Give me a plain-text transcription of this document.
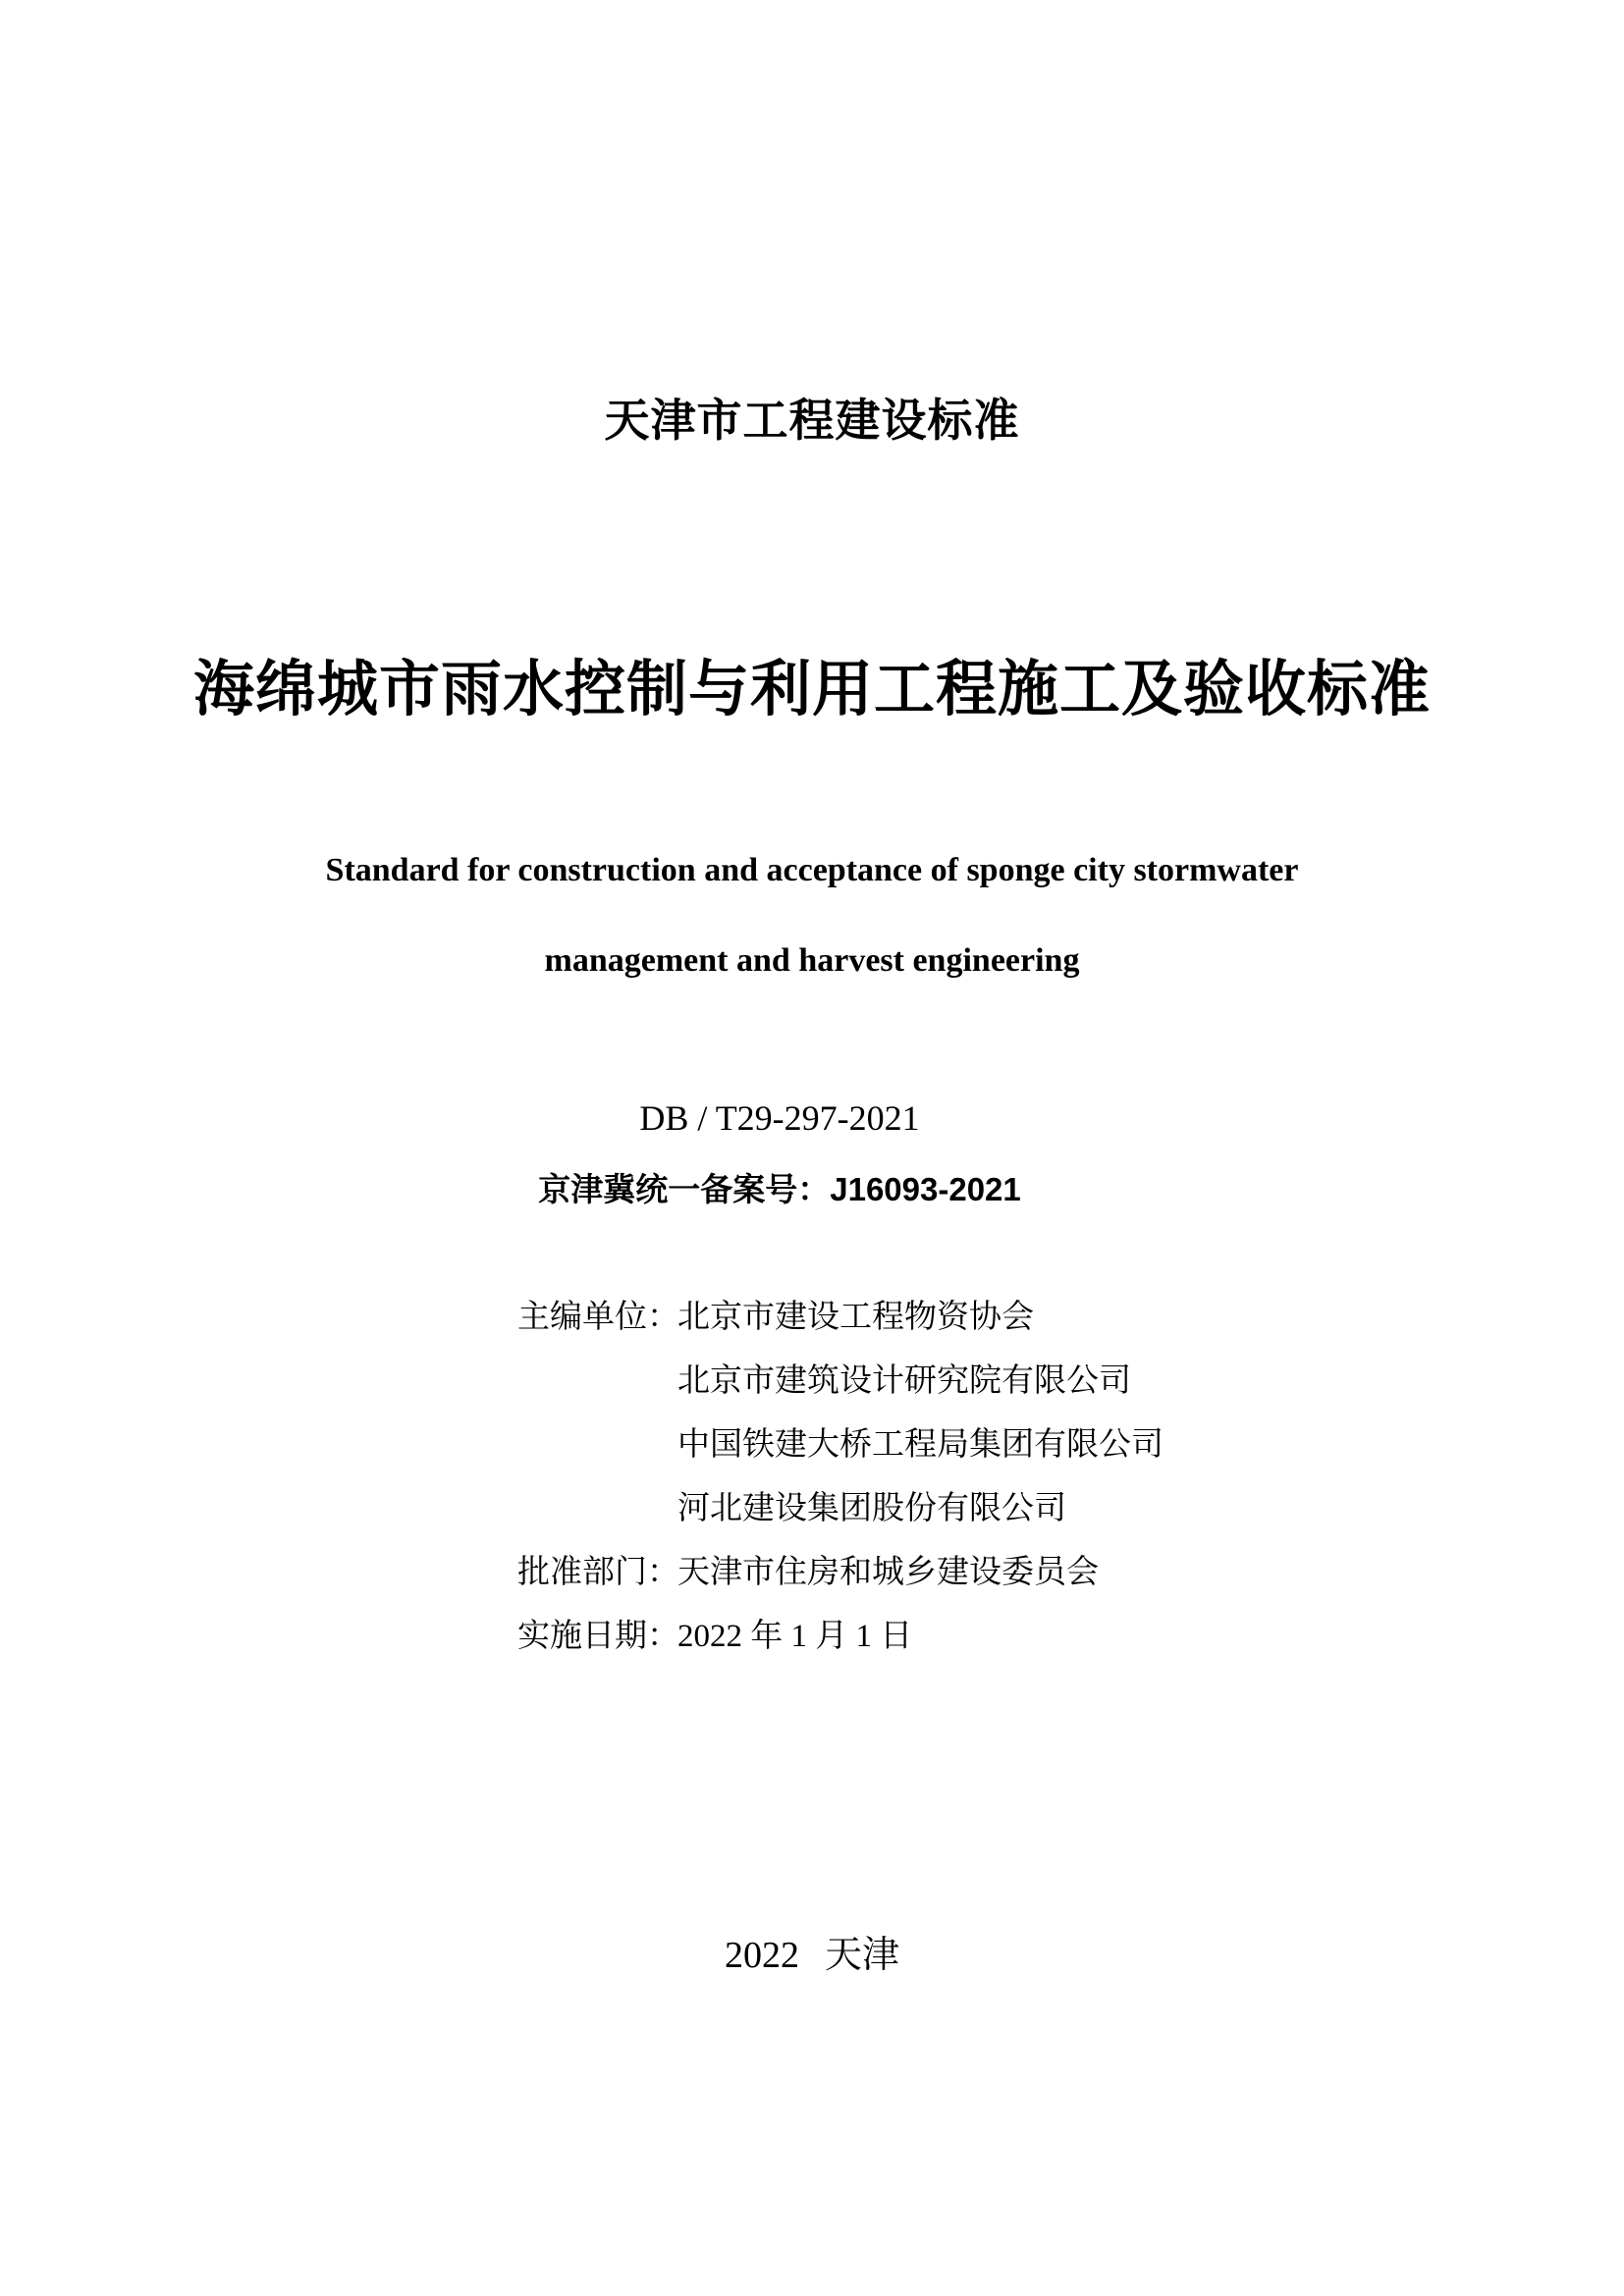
天津市工程建设标准
海绵城市雨水控制与利用工程施工及验收标准
Standard for construction and acceptance of sponge city stormwater
management and harvest engineering
DB / T29-297-2021
京津冀统一备案号：J16093-2021
主编单位：北京市建设工程物资协会
北京市建筑设计研究院有限公司
中国铁建大桥工程局集团有限公司
河北建设集团股份有限公司
批准部门：天津市住房和城乡建设委员会
实施日期：2022 年 1 月 1 日
2022 天津
